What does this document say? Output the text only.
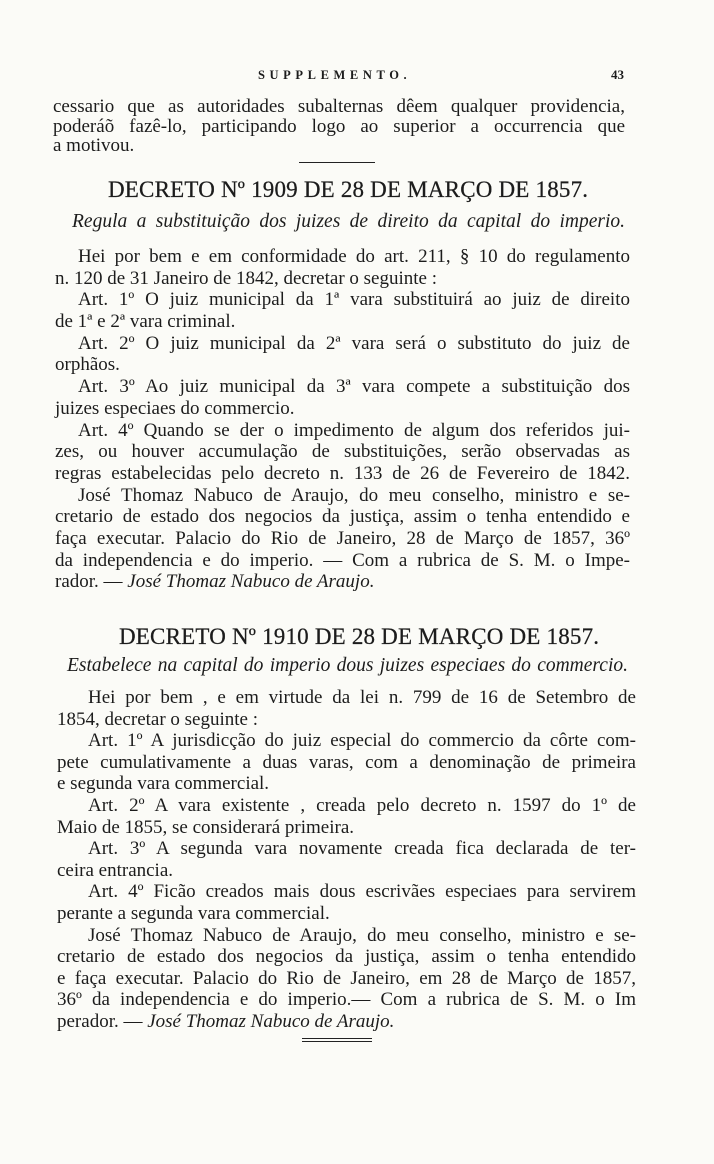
SUPPLEMENTO.	43
cessario que as autoridades subalternas dêem qualquer providencia,
poderáõ fazê-lo, participando logo ao superior a occurrencia que
a motivou.
DECRETO Nº 1909 DE 28 DE MARÇO DE 1857.
Regula a substituição dos juizes de direito da capital do imperio.
Hei por bem e em conformidade do art. 211, § 10 do regulamento
n. 120 de 31 Janeiro de 1842, decretar o seguinte :
Art. 1º O juiz municipal da 1ª vara substituirá ao juiz de direito
de 1ª e 2ª vara criminal.
Art. 2º O juiz municipal da 2ª vara será o substituto do juiz de
orphãos.
Art. 3º Ao juiz municipal da 3ª vara compete a substituição dos
juizes especiaes do commercio.
Art. 4º Quando se der o impedimento de algum dos referidos jui-
zes, ou houver accumulação de substituições, serão observadas as
regras estabelecidas pelo decreto n. 133 de 26 de Fevereiro de 1842.
José Thomaz Nabuco de Araujo, do meu conselho, ministro e se-
cretario de estado dos negocios da justiça, assim o tenha entendido e
faça executar. Palacio do Rio de Janeiro, 28 de Março de 1857, 36º
da independencia e do imperio. — Com a rubrica de S. M. o Impe-
rador. — José Thomaz Nabuco de Araujo.
DECRETO Nº 1910 DE 28 DE MARÇO DE 1857.
Estabelece na capital do imperio dous juizes especiaes do commercio.
Hei por bem , e em virtude da lei n. 799 de 16 de Setembro de
1854, decretar o seguinte :
Art. 1º A jurisdicção do juiz especial do commercio da côrte com-
pete cumulativamente a duas varas, com a denominação de primeira
e segunda vara commercial.
Art. 2º A vara existente , creada pelo decreto n. 1597 do 1º de
Maio de 1855, se considerará primeira.
Art. 3º A segunda vara novamente creada fica declarada de ter-
ceira entrancia.
Art. 4º Ficão creados mais dous escrivães especiaes para servirem
perante a segunda vara commercial.
José Thomaz Nabuco de Araujo, do meu conselho, ministro e se-
cretario de estado dos negocios da justiça, assim o tenha entendido
e faça executar. Palacio do Rio de Janeiro, em 28 de Março de 1857,
36º da independencia e do imperio.— Com a rubrica de S. M. o Im
perador. — José Thomaz Nabuco de Araujo.
